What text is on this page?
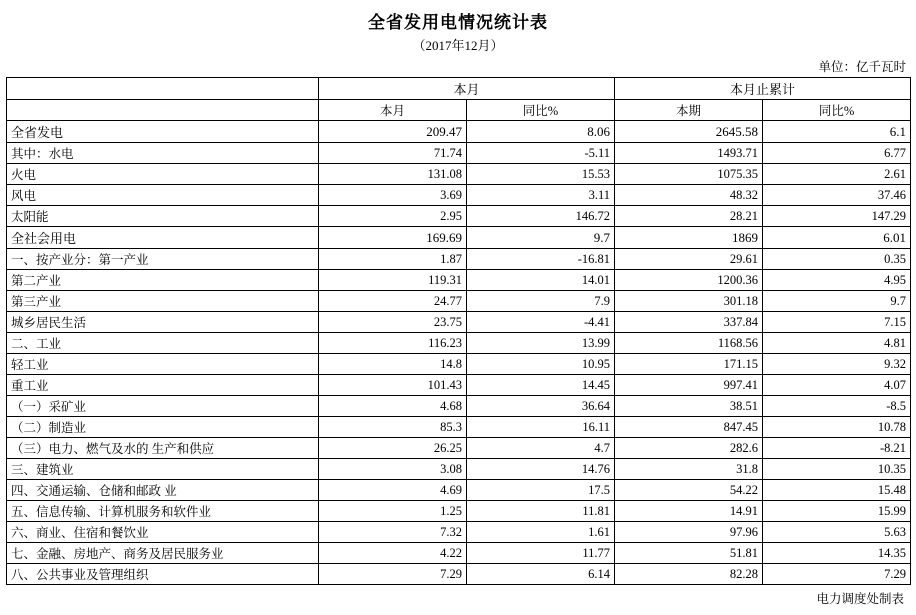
全省发用电情况统计表
（2017年12月）
单位：亿千瓦时
	本月		本月止累计	
	本月	同比%	本期	同比%
全省发电	209.47	8.06	2645.58	6.1
其中：水电	71.74	-5.11	1493.71	6.77
火电	131.08	15.53	1075.35	2.61
风电	3.69	3.11	48.32	37.46
太阳能	2.95	146.72	28.21	147.29
全社会用电	169.69	9.7	1869	6.01
一、按产业分：第一产业	1.87	-16.81	29.61	0.35
第二产业	119.31	14.01	1200.36	4.95
第三产业	24.77	7.9	301.18	9.7
城乡居民生活	23.75	-4.41	337.84	7.15
二、工业	116.23	13.99	1168.56	4.81
轻工业	14.8	10.95	171.15	9.32
重工业	101.43	14.45	997.41	4.07
（一）采矿业	4.68	36.64	38.51	-8.5
（二）制造业	85.3	16.11	847.45	10.78
（三）电力、燃气及水的 生产和供应	26.25	4.7	282.6	-8.21
三、建筑业	3.08	14.76	31.8	10.35
四、交通运输、仓储和邮政 业	4.69	17.5	54.22	15.48
五、信息传输、计算机服务和软件业	1.25	11.81	14.91	15.99
六、商业、住宿和餐饮业	7.32	1.61	97.96	5.63
七、金融、房地产、商务及居民服务业	4.22	11.77	51.81	14.35
八、公共事业及管理组织	7.29	6.14	82.28	7.29
电力调度处制表
